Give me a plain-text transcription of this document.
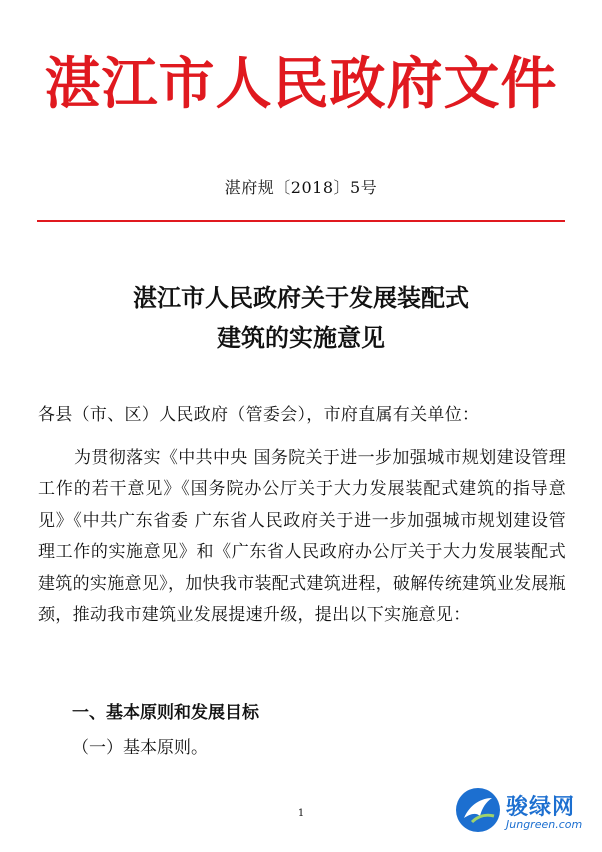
湛江市人民政府文件
湛府规〔2018〕5号
湛江市人民政府关于发展装配式
建筑的实施意见
各县（市、区）人民政府（管委会），市府直属有关单位：
为贯彻落实《中共中央 国务院关于进一步加强城市规划建设管理工作的若干意见》《国务院办公厅关于大力发展装配式建筑的指导意见》《中共广东省委 广东省人民政府关于进一步加强城市规划建设管理工作的实施意见》和《广东省人民政府办公厅关于大力发展装配式建筑的实施意见》，加快我市装配式建筑进程，破解传统建筑业发展瓶颈，推动我市建筑业发展提速升级，提出以下实施意见：
一、基本原则和发展目标
（一）基本原则。
1	骏绿网
Jungreen.com
